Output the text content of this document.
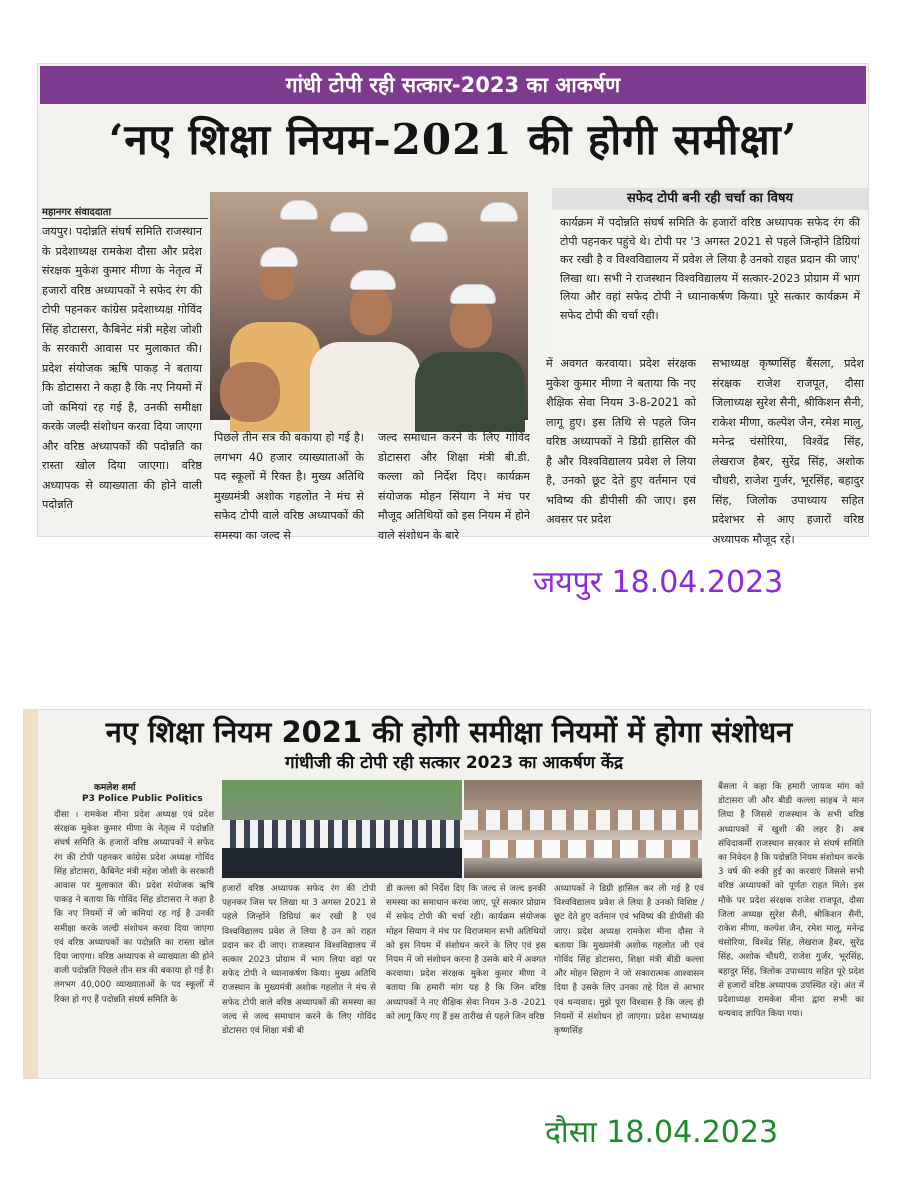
गांधी टोपी रही सत्कार-2023 का आकर्षण
‘नए शिक्षा नियम-2021 की होगी समीक्षा’
महानगर संवाददाता
जयपुर। पदोन्नति संघर्ष समिति राजस्थान के प्रदेशाध्यक्ष रामकेश दौसा और प्रदेश संरक्षक मुकेश कुमार मीणा के नेतृत्व में हजारों वरिष्ठ अध्यापकों ने सफेद रंग की टोपी पहनकर कांग्रेस प्रदेशाध्यक्ष गोविंद सिंह डोटासरा, कैबिनेट मंत्री महेश जोशी के सरकारी आवास पर मुलाकात की। प्रदेश संयोजक ऋषि पाकड़ ने बताया कि डोटासरा ने कहा है कि नए नियमों में जो कमियां रह गई है, उनकी समीक्षा करके जल्दी संशोधन करवा दिया जाएगा और वरिष्ठ अध्यापकों की पदोन्नति का रास्ता खोल दिया जाएगा। वरिष्ठ अध्यापक से व्याख्याता की होने वाली पदोन्नति
पिछले तीन सत्र की बकाया हो गई है। लगभग 40 हजार व्याख्याताओं के पद स्कूलों में रिक्त है। मुख्य अतिथि मुख्यमंत्री अशोक गहलोत ने मंच से सफेद टोपी वाले वरिष्ठ अध्यापकों की समस्या का जल्द से
जल्द समाधान करने के लिए गोविंद डोटासरा और शिक्षा मंत्री बी.डी. कल्ला को निर्देश दिए। कार्यक्रम संयोजक मोहन सिंयाग ने मंच पर मौजूद अतिथियों को इस नियम में होने वाले संशोधन के बारे
में अवगत करवाया। प्रदेश संरक्षक मुकेश कुमार मीणा ने बताया कि नए शैक्षिक सेवा नियम 3-8-2021 को लागू हुए। इस तिथि से पहले जिन वरिष्ठ अध्यापकों ने डिग्री हासिल की है और विश्वविद्यालय प्रवेश ले लिया है, उनको छूट देते हुए वर्तमान एवं भविष्य की डीपीसी की जाए। इस अवसर पर प्रदेश
सभाध्यक्ष कृष्णसिंह बैंसला, प्रदेश संरक्षक राजेश राजपूत, दौसा जिलाध्यक्ष सुरेश सैनी, श्रीकिशन सैनी, राकेश मीणा, कल्पेश जैन, रमेश मालु, मनेन्द्र चंसोरिया, विश्वेंद्र सिंह, लेखराज हैबर, सुरेंद्र सिंह, अशोक चौधरी, राजेश गुर्जर, भूरसिंह, बहादुर सिंह, जिलोक उपाध्याय सहित प्रदेशभर से आए हजारों वरिष्ठ अध्यापक मौजूद रहे।
सफेद टोपी बनी रही चर्चा का विषय
कार्यक्रम में पदोन्नति संघर्ष समिति के हजारों वरिष्ठ अध्यापक सफेद रंग की टोपी पहनकर पहुंचे थे। टोपी पर '3 अगस्त 2021 से पहले जिन्होंने डिग्रियां कर रखी है व विश्वविद्यालय में प्रवेश ले लिया है उनको राहत प्रदान की जाए' लिखा था। सभी ने राजस्थान विश्वविद्यालय में सत्कार-2023 प्रोग्राम में भाग लिया और वहां सफेद टोपी ने ध्यानाकर्षण किया। पूरे सत्कार कार्यक्रम में सफेद टोपी की चर्चा रही।
जयपुर 18.04.2023
नए शिक्षा नियम 2021 की होगी समीक्षा नियमों में होगा संशोधन
गांधीजी की टोपी रही सत्कार 2023 का आकर्षण केंद्र
कमलेश शर्मा
P3 Police Public Politics
दौसा । रामकेश मीना प्रदेश अध्यक्ष एवं प्रदेश संरक्षक मुकेश कुमार मीणा के नेतृत्व में पदोन्नति संघर्ष समिति के हजारों वरिष्ठ अध्यापकों ने सफेद रंग की टोपी पहनकर कांग्रेस प्रदेश अध्यक्ष गोविंद सिंह डोटासरा, कैबिनेट मंत्री महेश जोशी के सरकारी आवास पर मुलाकात की। प्रदेश संयोजक ऋषि पाकड़ ने बताया कि गोविंद सिंह डोटासरा ने कहा है कि नए नियमों में जो कमियां रह गई है उनकी समीक्षा करके जल्दी संशोधन करवा दिया जाएगा एवं वरिष्ठ अध्यापकों का पदोन्नति का रास्ता खोल दिया जाएगा। वरिष्ठ अध्यापक से व्याख्याता की होने वाली पदोन्नति पिछले तीन सत्र की बकाया हो गई है। लगभग 40,000 व्याख्याताओं के पद स्कूलों में रिक्त हो गए हैं पदोन्नति संघर्ष समिति के
हजारों वरिष्ठ अध्यापक सफेद रंग की टोपी पहनकर जिस पर लिखा था 3 अगस्त 2021 से पहले जिन्होंने डिग्रियां कर रखी है एवं विश्वविद्यालय प्रवेश ले लिया है उन को राहत प्रदान कर दी जाए। राजस्थान विश्वविद्यालय में सत्कार 2023 प्रोग्राम में भाग लिया वहां पर सफेद टोपी ने ध्यानाकर्षण किया। मुख्य अतिथि राजस्थान के मुख्यमंत्री अशोक गहलोत ने मंच से सफेद टोपी वाले वरिष्ठ अध्यापकों की समस्या का जल्द से जल्द समाधान करने के लिए गोविंद डोटासरा एवं शिक्षा मंत्री बी
डी कल्ला को निर्देश दिए कि जल्द से जल्द इनकी समस्या का समाधान करवा जाए, पूरे सत्कार प्रोग्राम में सफेद टोपी की चर्चा रही। कार्यक्रम संयोजक मोहन सियाग ने मंच पर विराजमान सभी अतिथियों को इस नियम में संशोधन करने के लिए एवं इस नियम में जो संशोधन करना है उसके बारे में अवगत करवाया। प्रदेश संरक्षक मुकेश कुमार मीणा ने बताया कि हमारी मांग यह है कि जिन वरिष्ठ अध्यापकों ने नए शैक्षिक सेवा नियम 3-8 -2021 को लागू किए गए हैं इस तारीख से पहले जिन वरिष्ठ
अध्यापकों ने डिग्री हासिल कर ली गई है एवं विश्वविद्यालय प्रवेश ले लिया है उनको विशिष्ट /छूट देते हुए वर्तमान एवं भविष्य की डीपीसी की जाए। प्रदेश अध्यक्ष रामकेश मीना दौसा ने बताया कि मुख्यमंत्री अशोक गहलोत जी एवं गोविंद सिंह डोटासरा, शिक्षा मंत्री बीडी कल्ला और मोहन सिहाग ने जो सकारात्मक आश्वासन दिया है उसके लिए उनका तहे दिल से आभार एवं धन्यवाद। मुझे पूरा विश्वास है कि जल्द ही नियमों में संशोधन हो जाएगा। प्रदेश सभाध्यक्ष कृष्णसिंह
बैंसला ने कहा कि हमारी जायज मांग को डोटासरा जी और बीडी कल्ला साहब ने मान लिया है जिससे राजस्थान के सभी वरिष्ठ अध्यापकों में खुशी की लहर है। अब संविदाकर्मी राजस्थान सरकार से संघर्ष समिति का निवेदन है कि पदोन्नति नियम संशोधन करके 3 वर्ष की रुकी हुई का करवाएं जिससे सभी वरिष्ठ अध्यापकों को पूर्णतः राहत मिले। इस मौके पर प्रदेश संरक्षक राजेश राजपूत, दौसा जिला अध्यक्ष सुरेश सैनी, श्रीकिशन सैनी, राकेश मीणा, कल्पेश जैन, रमेश मालू, मनेन्द्र चंसोरिया, विश्वेंद्र सिंह, लेखराज हैबर, सुरेंद्र सिंह, अशोक चौधरी, राजेश गुर्जर, भूरसिंह, बहादुर सिंह, त्रिलोक उपाध्याय सहित पूरे प्रदेश से हजारों वरिष्ठ अध्यापक उपस्थित रहे। अंत में प्रदेशाध्यक्ष रामकेश मीना द्वारा सभी का धन्यवाद ज्ञापित किया गया।
दौसा 18.04.2023
